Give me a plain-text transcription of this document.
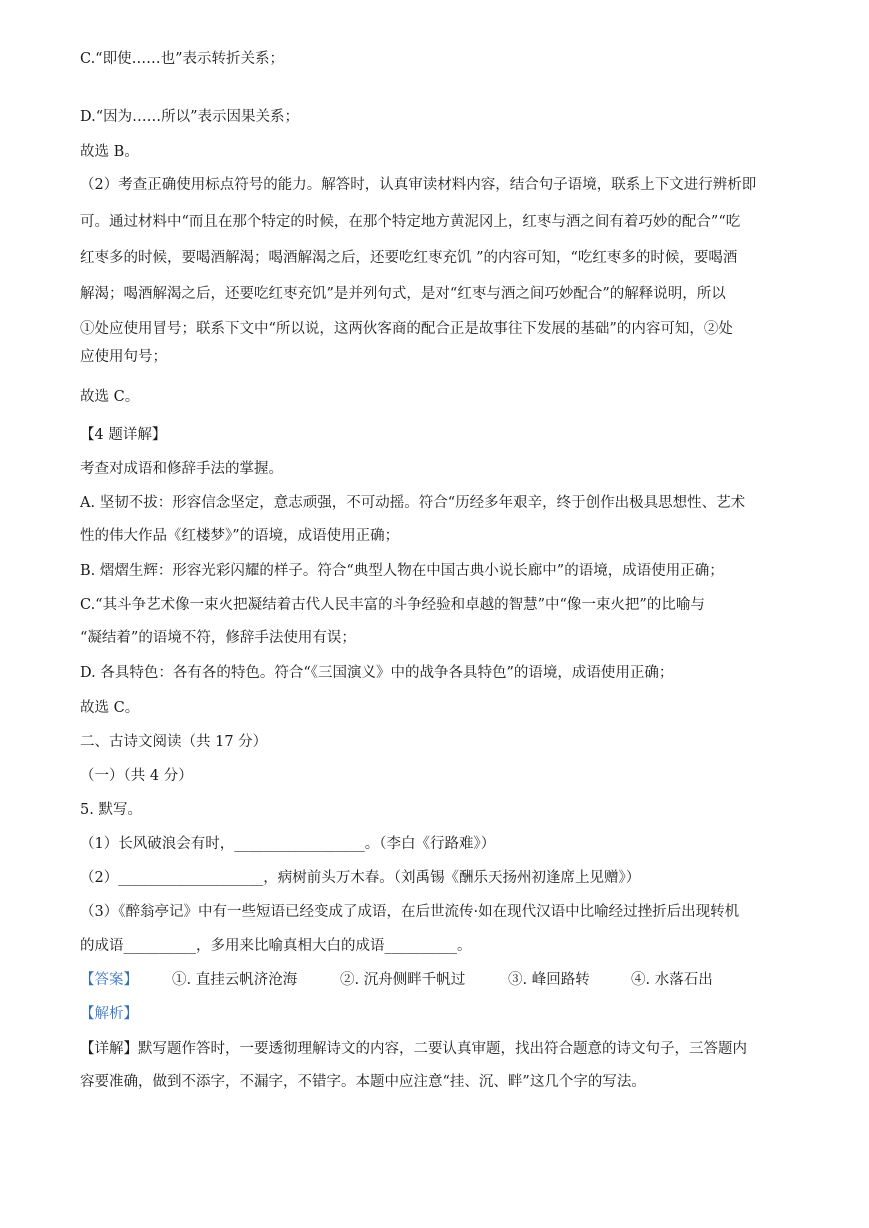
C.“即使……也”表示转折关系；
D.“因为……所以”表示因果关系；
故选 B。
（2）考查正确使用标点符号的能力。解答时，认真审读材料内容，结合句子语境，联系上下文进行辨析即
可。通过材料中“而且在那个特定的时候，在那个特定地方黄泥冈上，红枣与酒之间有着巧妙的配合”“吃
红枣多的时候，要喝酒解渴；喝酒解渴之后，还要吃红枣充饥 ”的内容可知，“吃红枣多的时候，要喝酒
解渴；喝酒解渴之后，还要吃红枣充饥”是并列句式，是对“红枣与酒之间巧妙配合”的解释说明，所以
①处应使用冒号；联系下文中“所以说，这两伙客商的配合正是故事往下发展的基础”的内容可知，②处
应使用句号；
故选 C。
【4 题详解】
考查对成语和修辞手法的掌握。
A. 坚韧不拔：形容信念坚定，意志顽强，不可动摇。符合“历经多年艰辛，终于创作出极具思想性、艺术
性的伟大作品《红楼梦》”的语境，成语使用正确；
B. 熠熠生辉：形容光彩闪耀的样子。符合“典型人物在中国古典小说长廊中”的语境，成语使用正确；
C.“其斗争艺术像一束火把凝结着古代人民丰富的斗争经验和卓越的智慧”中“像一束火把”的比喻与
“凝结着”的语境不符，修辞手法使用有误；
D. 各具特色：各有各的特色。符合“《三国演义》中的战争各具特色”的语境，成语使用正确；
故选 C。
二、古诗文阅读（共 17 分）
（一）（共 4 分）
5. 默写。
（1）长风破浪会有时，__________________。（李白《行路难》）
（2）____________________，病树前头万木春。（刘禹锡《酬乐天扬州初逢席上见赠》）
（3）《醉翁亭记》中有一些短语已经变成了成语，在后世流传·如在现代汉语中比喻经过挫折后出现转机
的成语__________，多用来比喻真相大白的成语__________。
【答案】 ①. 直挂云帆济沧海	②. 沉舟侧畔千帆过	③. 峰回路转	④. 水落石出
【解析】
【详解】默写题作答时，一要透彻理解诗文的内容，二要认真审题，找出符合题意的诗文句子，三答题内
容要准确，做到不添字，不漏字，不错字。本题中应注意“挂、沉、畔”这几个字的写法。
